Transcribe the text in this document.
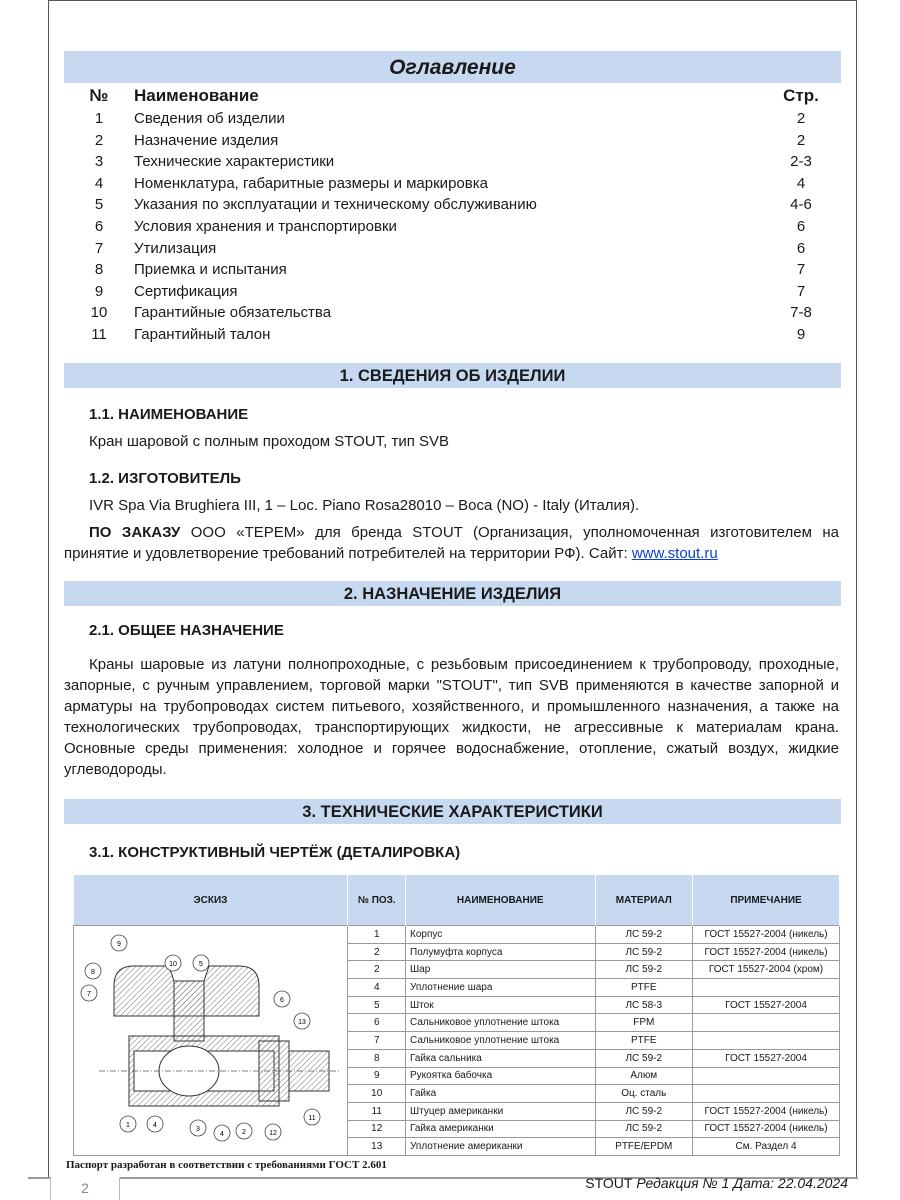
Оглавление
№	Наименование	Стр.
1	Сведения об изделии	2
2	Назначение изделия	2
3	Технические характеристики	2-3
4	Номенклатура, габаритные размеры и маркировка	4
5	Указания по эксплуатации и техническому обслуживанию	4-6
6	Условия хранения и транспортировки	6
7	Утилизация	6
8	Приемка и испытания	7
9	Сертификация	7
10	Гарантийные обязательства	7-8
11	Гарантийный талон	9
1. СВЕДЕНИЯ ОБ ИЗДЕЛИИ
1.1. НАИМЕНОВАНИЕ
Кран шаровой с полным проходом STOUT, тип SVB
1.2. ИЗГОТОВИТЕЛЬ
IVR Spa Via Brughiera III, 1 – Loc. Piano Rosa28010 – Boca (NO) - Italy (Италия).
ПО ЗАКАЗУ ООО «ТЕРЕМ» для бренда STOUT (Организация, уполномоченная изготовителем на принятие и удовлетворение требований потребителей на территории РФ). Сайт: www.stout.ru
2. НАЗНАЧЕНИЕ ИЗДЕЛИЯ
2.1. ОБЩЕЕ НАЗНАЧЕНИЕ
Краны шаровые из латуни полнопроходные, с резьбовым присоединением к трубопроводу, проходные, запорные, с ручным управлением, торговой марки "STOUT", тип SVB применяются в качестве запорной и арматуры на трубопроводах систем питьевого, хозяйственного, и промышленного назначения, а также на технологических трубопроводах, транспортирующих жидкости, не агрессивные к материалам крана. Основные среды применения: холодное и горячее водоснабжение, отопление, сжатый воздух, жидкие углеводороды.
3. ТЕХНИЧЕСКИЕ ХАРАКТЕРИСТИКИ
3.1. КОНСТРУКТИВНЫЙ ЧЕРТЁЖ (ДЕТАЛИРОВКА)
ЭСКИЗ	№ ПОЗ.	НАИМЕНОВАНИЕ	МАТЕРИАЛ	ПРИМЕЧАНИЕ

9
10	5
8
7
6
13
1	4
3
4	2	12
11
	1	Корпус	ЛС 59-2	ГОСТ 15527-2004 (никель)
	2	Полумуфта корпуса	ЛС 59-2	ГОСТ 15527-2004 (никель)
	2	Шар	ЛС 59-2	ГОСТ 15527-2004 (хром)
	4	Уплотнение шара	PTFE	
	5	Шток	ЛС 58-3	ГОСТ 15527-2004
	6	Сальниковое уплотнение штока	FPM	
	7	Сальниковое уплотнение штока	PTFE	
	8	Гайка сальника	ЛС 59-2	ГОСТ 15527-2004
	9	Рукоятка бабочка	Алюм	
	10	Гайка	Оц. сталь	
	11	Штуцер американки	ЛС 59-2	ГОСТ 15527-2004 (никель)
	12	Гайка американки	ЛС 59-2	ГОСТ 15527-2004 (никель)
	13	Уплотнение американки	PTFE/EPDM	См. Раздел 4
Паспорт разработан в соответствии с требованиями ГОСТ 2.601
2	STOUT Редакция № 1 Дата: 22.04.2024
